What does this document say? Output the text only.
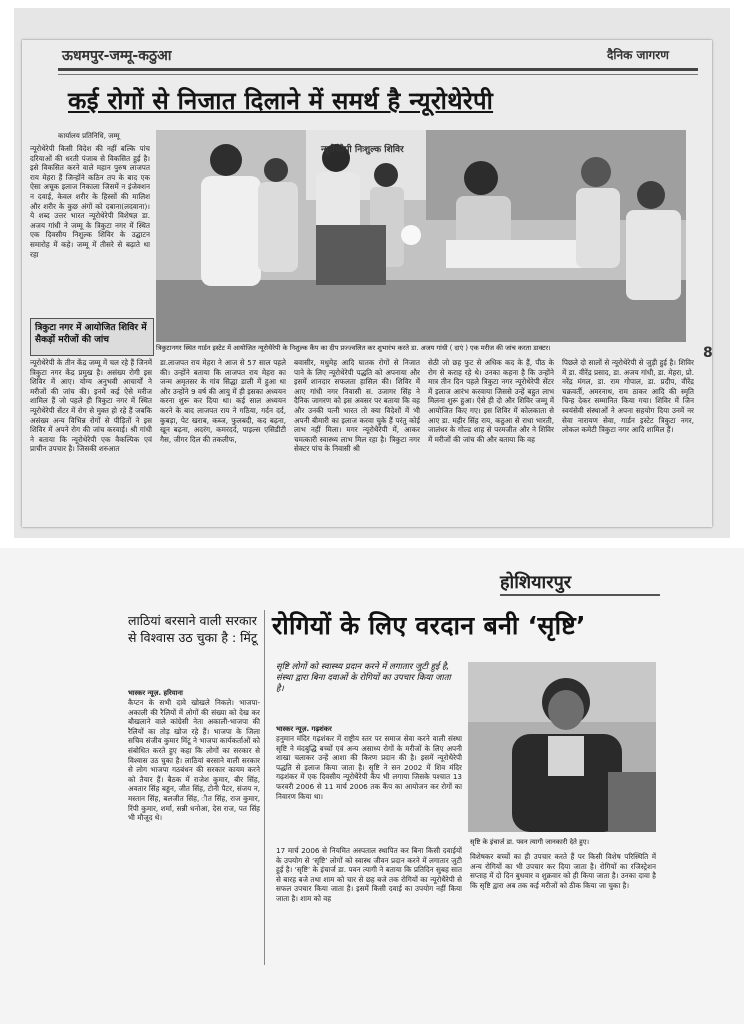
ऊधमपुर-जम्मू-कठुआ	दैनिक जागरण
कई रोगों से निजात दिलाने में समर्थ है न्यूरोथेरेपी
कार्यालय प्रतिनिधि, जम्मू
न्यूरोथेरेपी किसी विदेश की नहीं बल्कि पांच दरियाओं की धरती पंजाब से विकसित हुई है। इसे विकसित करने वाले महान पुरुष लाजपत राय मेहरा हैं जिन्होंने कठिन तप के बाद एक ऐसा अचूक इलाज निकाला जिसमें न इंजेक्शन न दवाई, केवल शरीर के हिस्सों की मालिश और शरीर के कुछ अंगों को दबाना(लदवाना)। ये शब्द उत्तर भारत न्यूरोथेरेपी विशेषज्ञ डा. अजय गांधी ने जम्मू के त्रिकुटा नगर में स्थित एक दिवसीय निशुल्क शिविर के उद्घाटन समारोह में कहे। जम्मू में तीसरे से बढ़ाते था रहा
त्रिकुटा नगर में आयोजित शिविर में सैकड़ों मरीजों की जांच
न्यूरोथेरेपी निःशुल्क शिविर
त्रिकुटानगर स्थित गार्डन इस्टेट में आयोजित न्यूरोथैरेपी के निशुल्क कैंप का दीप प्रज्ज्वलित कर शुभारंभ करते डा. अजय गांधी ( दाएं ) एक मरीज की जांच करता डाक्टर।
न्यूरोथेरेपी के तीन केंद्र जम्मू में चल रहे हैं जिनमें त्रिकुटा नगर केंद्र प्रमुख है। असंख्य रोगी इस शिविर में आए। योग्य अनुभवी आचार्यों ने मरीजों की जांच की। इनमें कई ऐसे मरीज शामिल हैं जो पहले ही त्रिकुटा नगर में स्थित न्यूरोथेरेपी सेंटर में रोग से मुक्त हो रहे हैं जबकि असंख्य अन्य विभिन्न रोगों से पीड़ितों ने इस शिविर में अपने रोग की जांच करवाई। श्री गांधी ने बताया कि न्यूरोथेरेपी एक वैकल्पिक एवं प्राचीन उपचार है। जिसकी शरुआत
डा.लाजपत राय मेहरा ने आज से 57 साल पहले की। उन्होंने बताया कि लाजपत राय मेहरा का जन्म अमृतसर के गांव सिद्धा डाली में हुआ था और उन्होंने 9 वर्ष की आयु में ही इसका अध्ययन करना शुरू कर दिया था। कई साल अध्ययन करने के बाद लाजपत राय ने गठिया, गर्दन दर्द, कुबड़ा, पेट खराब, कब्ज, फुलबदी, कद बढ़ना, खून बढ़ना, अदरंग, कमरदर्द, पाइल्स एसिडीटी गैस, जीगर दिल की तकलीफ,
बवासीर, मधुमेह आदि घातक रोगों से निजात पाने के लिए न्यूरोथेरेपी पद्धति को अपनाया और इसमें शानदार सफलता हासिल की। शिविर में आए गांधी नगर निवासी स. उजागर सिंह ने दैनिक जागरण को इस अवसर पर बताया कि वह और उनकी पत्नी भारत तो क्या विदेशों में भी अपनी बीमारी का इलाज करवा चुके हैं परंतु कोई लाभ नहीं मिला। मगर न्यूरोथैरेपी में, आकर चमत्कारी स्वास्थ्य लाभ मिल रहा है। त्रिकुटा नगर सेक्टर पांच के निवासी श्री
सेठी जो छह फुट से अधिक कद के हैं, पीठ के रोग से कराह रहे थे। उनका कहना है कि उन्होंने मात्र तीन दिन पहले त्रिकुटा नगर न्यूरोथेरेपी सेंटर में इलाज आरंभ करवाया जिससे उन्हें बहुत लाभ मिलना शुरू हुआ। ऐसे ही दो और शिविर जम्मू में आयोजित किए गए। इस शिविर में कोलकाता से आए डा. महीर सिंह राय, कठुआ से राधा भारती, जालंधर के गोल्ड शाह से परमजीत और ने शिविर में मरीजों की जांच की और बताया कि वह
पिछले दो सालों से न्यूरोथेरेपी से जुड़ी हुई है। शिविर में डा. वीरेंद्र प्रसाद, डा. अजय गांधी, डा. मेहरा, प्रो. नरेंद्र मंगल, डा. राम गोपाल, डा. प्रदीप, वीरेंद्र चक्रवर्ती, अमरनाथ, राम ठाकर आदि की स्मृति चिन्ह देकर सम्मानित किया गया। शिविर में जिन स्वयंसेवी संस्थाओं ने अपना सहयोग दिया उनमें नर सेवा नारायण सेवा, गार्डन इस्टेट त्रिकुटा नगर, लोकल कमेटी त्रिकुटा नगर आदि शामिल हैं।
8
होशियारपुर
लाठियां बरसाने वाली सरकार से विश्वास उठ चुका है : मिंटू
भास्कर न्यूज़. हरियाना
कैप्टन के सभी दावे खोखले निकले। भाजपा-अकाली की रैलियों में लोगों की संख्या को देख कर बौखलाने वाले कांग्रेसी नेता अकाली-भाजपा की रैलियों का तोड़ खोज रहे हैं। भाजपा के जिला सचिव संजीव कुमार मिंटू ने भाजपा कार्यकर्ताओं को संबोधित करते हुए कहा कि लोगों का सरकार से विश्वास उठ चुका है। लाठियां बरसाने वाली सरकार से लोग भाजपा गठबंधन की सरकार कायम करने को तैयार हैं। बैठक में राजेश कुमार, बीर सिंह, अवतार सिंह बड्डन, जीत सिंह, टोनी पैटर, संजय न, मस्तान सिंह, बलजीत सिंह, ीत सिंह, राज कुमार, रिंपी कुमार, शर्मा, सन्नी धनोआ, देस राज, पत सिंह भी मौजूद थे।
रोगियों के लिए वरदान बनी ‘सृष्टि’
सृष्टि लोगों को स्वास्थ्य प्रदान करने में लगातार जुटी हुई है, संस्था द्वारा बिना दवाओं के रोगियों का उपचार किया जाता है।
भास्कर न्यूज़. गढ़शंकर
हनुमान मंदिर गढ़शंकर में राष्ट्रीय स्तर पर समाज सेवा करने वाली संस्था सृष्टि ने मंदबुद्धि बच्चों एवं अन्य असाध्य रोगों के मरीजों के लिए अपनी शाखा चलाकर उन्हें आशा की किरण प्रदान की है। इसमें न्यूरोथैरेपी पद्धति से इलाज किया जाता है। सृष्टि ने सन 2002 में शिव मंदिर गढ़शंकर में एक दिवसीय न्यूरोथैरेपी कैंप भी लगाया जिसके पश्चात 13 फरवरी 2006 से 11 मार्च 2006 तक कैंप का आयोजन कर रोगों का निवारण किया था।
17 मार्च 2006 से नियमित अस्पताल स्थापित कर बिना किसी दवाईयों के उपयोग से ‘सृष्टि’ लोगों को स्वास्थ जीवन प्रदान करने में लगातार जुटी हुई है। ‘सृष्टि’ के इंचार्ज डा. पवन त्यागी ने बताया कि प्रतिदिन सुबह सात से बारह बजे तथा शाम को चार से छह बजे तक रोगियों का न्यूरोथैरेपी से सफल उपचार किया जाता है। इसमें किसी दवाई का उपयोग नहीं किया जाता है। शाम को वह
सृष्टि के इंचार्ज डा. पवन त्यागी जानकारी देते हुए।
विशेषकर बच्चों का ही उपचार करते हैं पर किसी विशेष परिस्थिति में अन्य रोगियों का भी उपचार कर दिया जाता है। रोगियों का रजिस्ट्रेशन सप्ताह में दो दिन बुधवार व शुक्रवार को ही किया जाता है। उनका दावा है कि सृष्टि द्वारा अब तक कई मरीजों को ठीक किया जा चुका है।
